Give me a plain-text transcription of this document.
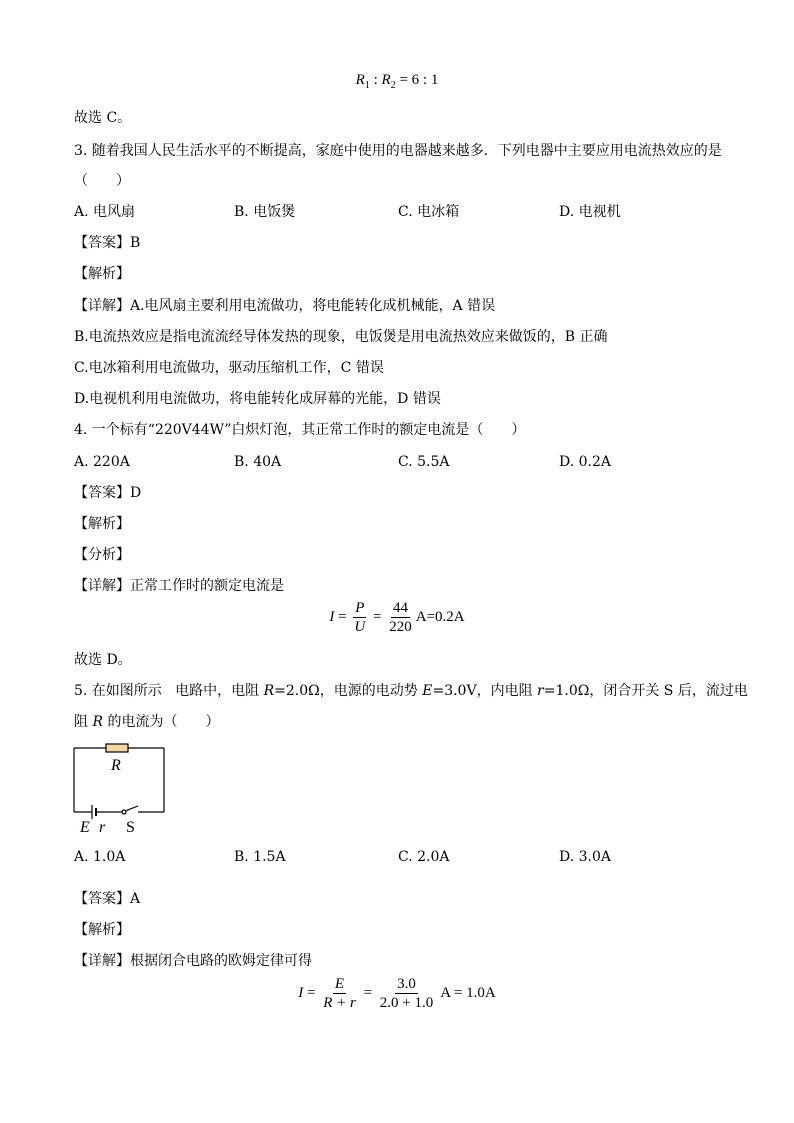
$R_1$ : $R_2 = 6$ : 1
故选 C。
3. 随着我国人民生活水平的不断提高，家庭中使用的电器越来越多．下列电器中主要应用电流热效应的是
（　　）
A. 电风扇	B. 电饭煲	C. 电冰箱	D. 电视机
【答案】B
【解析】
【详解】A.电风扇主要利用电流做功，将电能转化成机械能，A 错误
B.电流热效应是指电流流经导体发热的现象，电饭煲是用电流热效应来做饭的，B 正确
C.电冰箱利用电流做功，驱动压缩机工作，C 错误
D.电视机利用电流做功，将电能转化成屏幕的光能，D 错误
4. 一个标有“220V44W”白炽灯泡，其正常工作时的额定电流是（　　）
A. 220A	B. 40A	C. 5.5A	D. 0.2A
【答案】D
【解析】
【分析】
【详解】正常工作时的额定电流是
$I = \frac{P}{U} = \frac{44}{220} A=0.2A$
故选 D。
5. 在如图所示 电路中，电阻 R=2.0Ω，电源的电动势 E=3.0V，内电阻 r=1.0Ω，闭合开关 S 后，流过电
阻 R 的电流为（　　）
R
E r S
A. 1.0A	B. 1.5A	C. 2.0A	D. 3.0A
【答案】A
【解析】
【详解】根据闭合电路的欧姆定律可得
$I = \frac{E}{R + r} = \frac{3.0}{2.0 + 1.0}$ A = 1.0A
